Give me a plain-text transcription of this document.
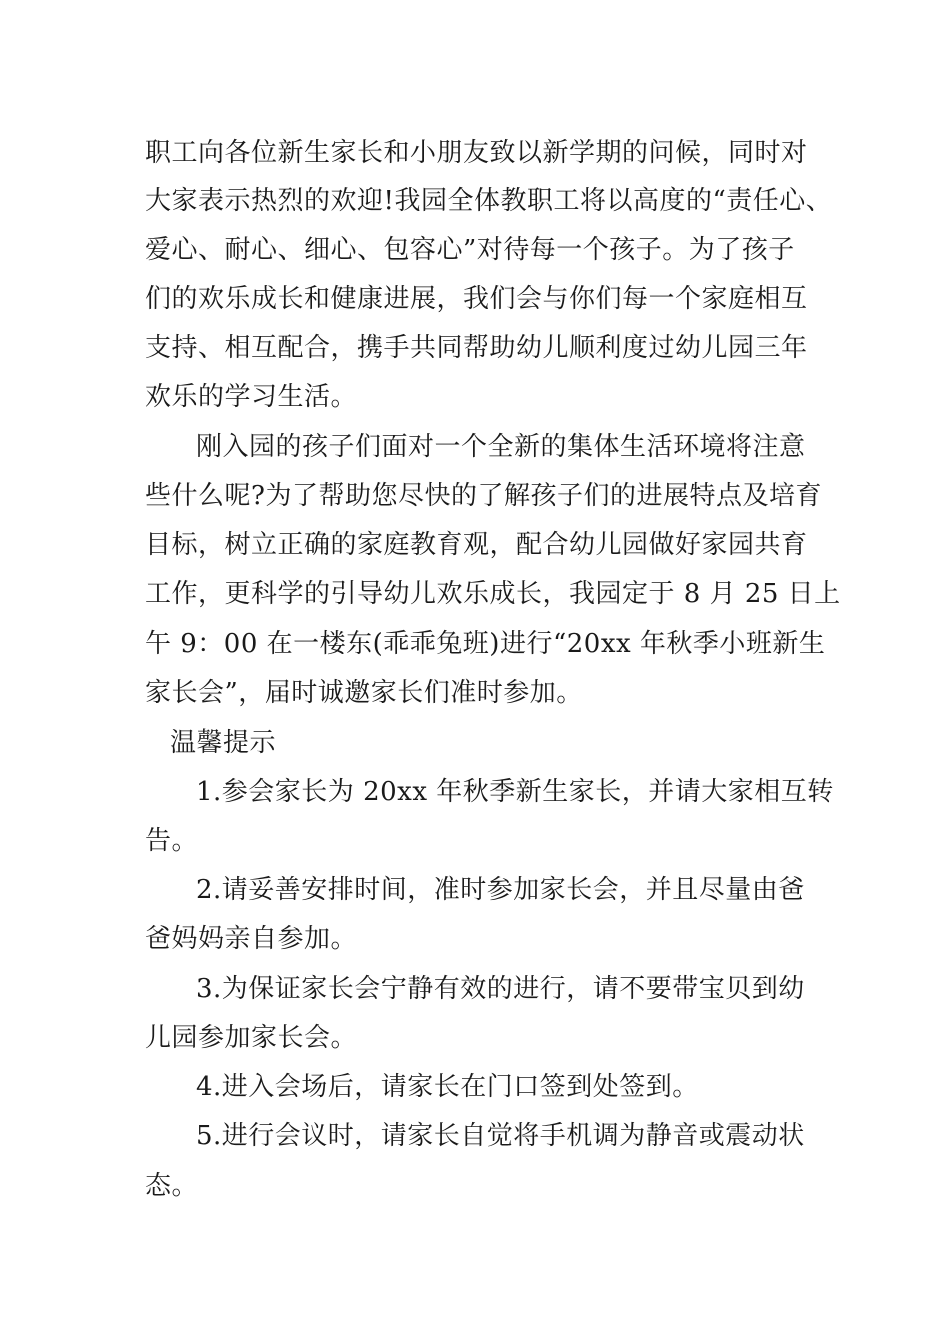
职工向各位新生家长和小朋友致以新学期的问候，同时对
大家表示热烈的欢迎!我园全体教职工将以高度的“责任心、
爱心、耐心、细心、包容心”对待每一个孩子。为了孩子
们的欢乐成长和健康进展，我们会与你们每一个家庭相互
支持、相互配合，携手共同帮助幼儿顺利度过幼儿园三年
欢乐的学习生活。
刚入园的孩子们面对一个全新的集体生活环境将注意
些什么呢?为了帮助您尽快的了解孩子们的进展特点及培育
目标，树立正确的家庭教育观，配合幼儿园做好家园共育
工作，更科学的引导幼儿欢乐成长，我园定于 8 月 25 日上
午 9：00 在一楼东(乖乖兔班)进行“20xx 年秋季小班新生
家长会”，届时诚邀家长们准时参加。
温馨提示
1.参会家长为 20xx 年秋季新生家长，并请大家相互转
告。
2.请妥善安排时间，准时参加家长会，并且尽量由爸
爸妈妈亲自参加。
3.为保证家长会宁静有效的进行，请不要带宝贝到幼
儿园参加家长会。
4.进入会场后，请家长在门口签到处签到。
5.进行会议时，请家长自觉将手机调为静音或震动状
态。
